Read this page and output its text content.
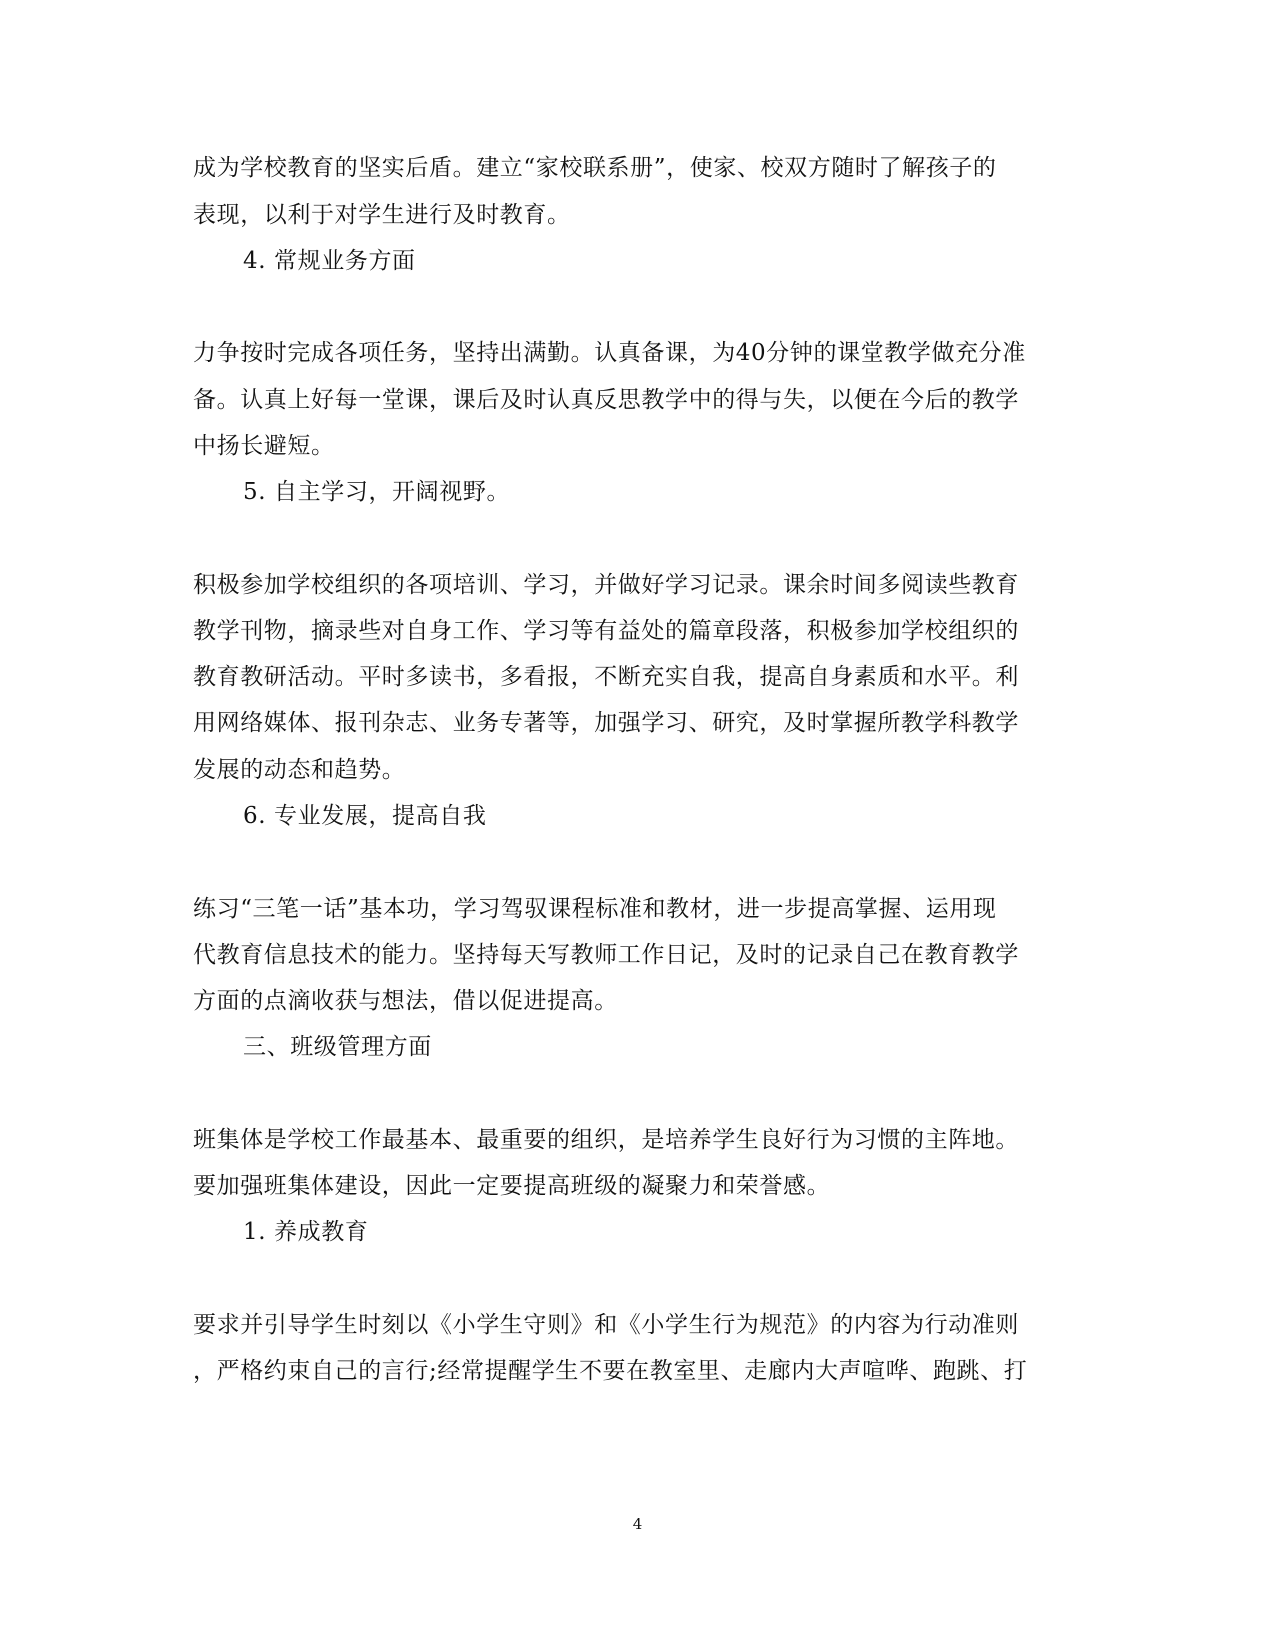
成为学校教育的坚实后盾。建立“家校联系册”，使家、校双方随时了解孩子的
表现，以利于对学生进行及时教育。
4. 常规业务方面
力争按时完成各项任务，坚持出满勤。认真备课，为40分钟的课堂教学做充分准
备。认真上好每一堂课，课后及时认真反思教学中的得与失，以便在今后的教学
中扬长避短。
5. 自主学习，开阔视野。
积极参加学校组织的各项培训、学习，并做好学习记录。课余时间多阅读些教育
教学刊物，摘录些对自身工作、学习等有益处的篇章段落，积极参加学校组织的
教育教研活动。平时多读书，多看报，不断充实自我，提高自身素质和水平。利
用网络媒体、报刊杂志、业务专著等，加强学习、研究，及时掌握所教学科教学
发展的动态和趋势。
6. 专业发展，提高自我
练习“三笔一话”基本功，学习驾驭课程标准和教材，进一步提高掌握、运用现
代教育信息技术的能力。坚持每天写教师工作日记，及时的记录自己在教育教学
方面的点滴收获与想法，借以促进提高。
三、班级管理方面
班集体是学校工作最基本、最重要的组织，是培养学生良好行为习惯的主阵地。
要加强班集体建设，因此一定要提高班级的凝聚力和荣誉感。
1. 养成教育
要求并引导学生时刻以《小学生守则》和《小学生行为规范》的内容为行动准则
，严格约束自己的言行;经常提醒学生不要在教室里、走廊内大声喧哗、跑跳、打
4
